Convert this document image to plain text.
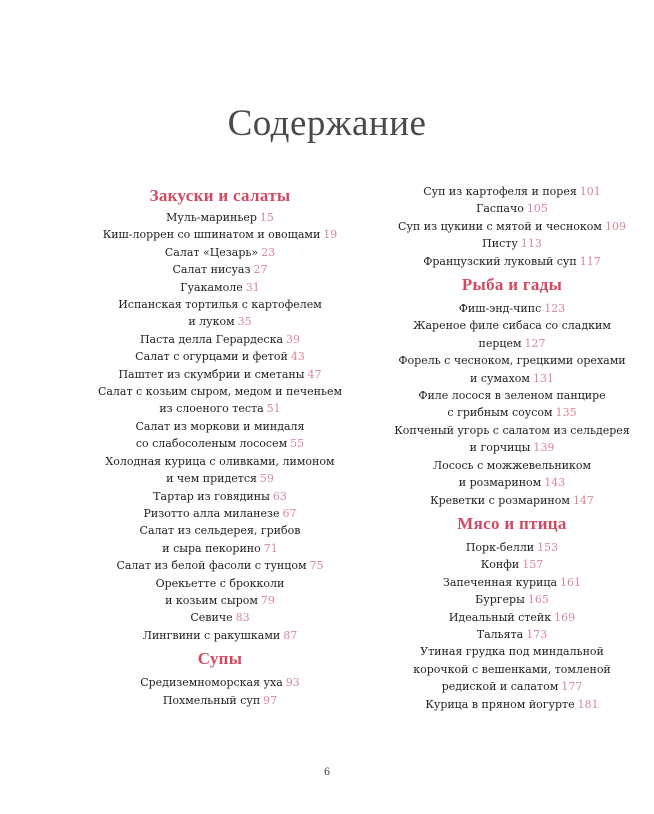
Содержание
Закуски и салаты
Муль-мариньер 15
Киш-лоррен со шпинатом и овощами 19
Салат «Цезарь» 23
Салат нисуаз 27
Гуакамоле 31
Испанская тортилья с картофелем
и луком 35
Паста делла Герардеска 39
Салат с огурцами и фетой 43
Паштет из скумбрии и сметаны 47
Салат с козьим сыром, медом и печеньем
из слоеного теста 51
Салат из моркови и миндаля
со слабосоленым лососем 55
Холодная курица с оливками, лимоном
и чем придется 59
Тартар из говядины 63
Ризотто алла миланезе 67
Салат из сельдерея, грибов
и сыра пекорино 71
Салат из белой фасоли с тунцом 75
Орекьетте с брокколи
и козьим сыром 79
Севиче 83
Лингвини с ракушками 87
Супы
Средиземноморская уха 93
Похмельный суп 97
Суп из картофеля и порея 101
Гаспачо 105
Суп из цукини с мятой и чесноком 109
Писту 113
Французский луковый суп 117
Рыба и гады
Фиш-энд-чипс 123
Жареное филе сибаса со сладким
перцем 127
Форель с чесноком, грецкими орехами
и сумахом 131
Филе лосося в зеленом панцире
с грибным соусом 135
Копченый угорь с салатом из сельдерея
и горчицы 139
Лосось с можжевельником
и розмарином 143
Креветки с розмарином 147
Мясо и птица
Порк-белли 153
Конфи 157
Запеченная курица 161
Бургеры 165
Идеальный стейк 169
Тальята 173
Утиная грудка под миндальной
корочкой с вешенками, томленой
редиской и салатом 177
Курица в пряном йогурте 181
6
